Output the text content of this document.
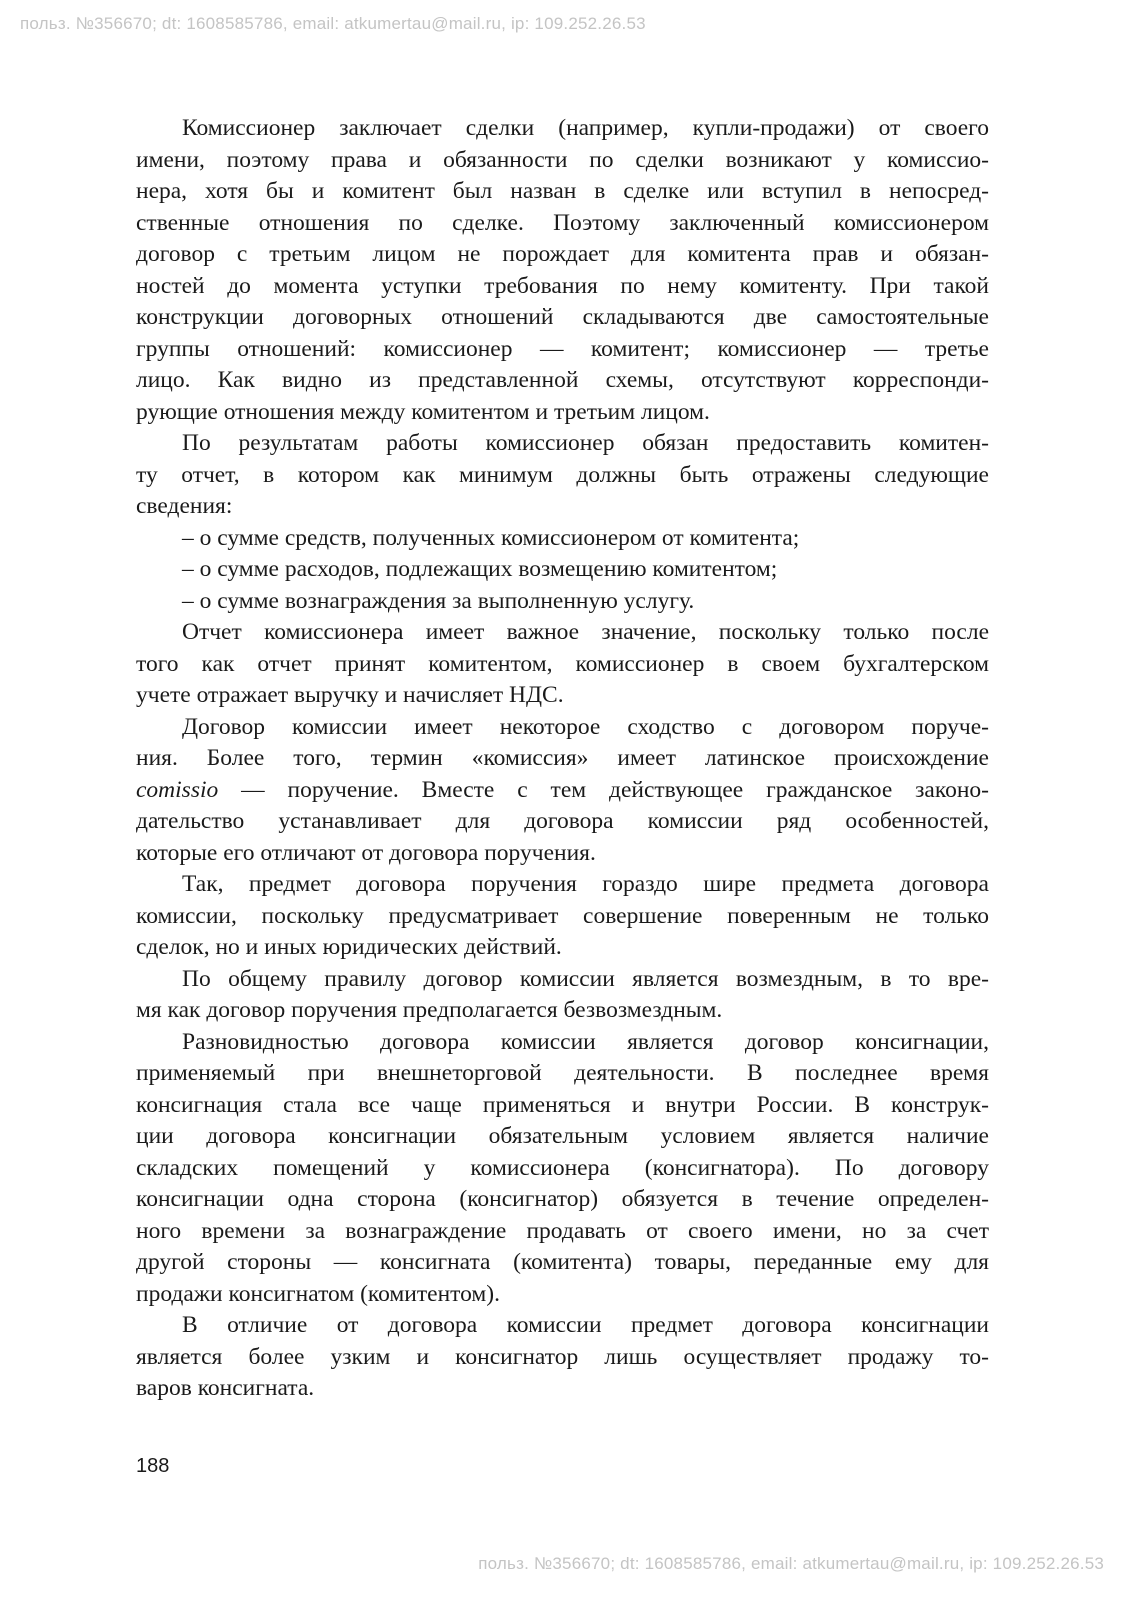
польз. №356670; dt: 1608585786, email: atkumertau@mail.ru, ip: 109.252.26.53
Комиссионер заключает сделки (например, купли-продажи) от своего
имени, поэтому права и обязанности по сделки возникают у комиссио-
нера, хотя бы и комитент был назван в сделке или вступил в непосред-
ственные отношения по сделке. Поэтому заключенный комиссионером
договор с третьим лицом не порождает для комитента прав и обязан-
ностей до момента уступки требования по нему комитенту. При такой
конструкции договорных отношений складываются две самостоятельные
группы отношений: комиссионер — комитент; комиссионер — третье
лицо. Как видно из представленной схемы, отсутствуют корреспонди-
рующие отношения между комитентом и третьим лицом.
По результатам работы комиссионер обязан предоставить комитен-
ту отчет, в котором как минимум должны быть отражены следующие
сведения:
– о сумме средств, полученных комиссионером от комитента;
– о сумме расходов, подлежащих возмещению комитентом;
– о сумме вознаграждения за выполненную услугу.
Отчет комиссионера имеет важное значение, поскольку только после
того как отчет принят комитентом, комиссионер в своем бухгалтерском
учете отражает выручку и начисляет НДС.
Договор комиссии имеет некоторое сходство с договором поруче-
ния. Более того, термин «комиссия» имеет латинское происхождение
comissio — поручение. Вместе с тем действующее гражданское законо-
дательство устанавливает для договора комиссии ряд особенностей,
которые его отличают от договора поручения.
Так, предмет договора поручения гораздо шире предмета договора
комиссии, поскольку предусматривает совершение поверенным не только
сделок, но и иных юридических действий.
По общему правилу договор комиссии является возмездным, в то вре-
мя как договор поручения предполагается безвозмездным.
Разновидностью договора комиссии является договор консигнации,
применяемый при внешнеторговой деятельности. В последнее время
консигнация стала все чаще применяться и внутри России. В конструк-
ции договора консигнации обязательным условием является наличие
складских помещений у комиссионера (консигнатора). По договору
консигнации одна сторона (консигнатор) обязуется в течение определен-
ного времени за вознаграждение продавать от своего имени, но за счет
другой стороны — консигната (комитента) товары, переданные ему для
продажи консигнатом (комитентом).
В отличие от договора комиссии предмет договора консигнации
является более узким и консигнатор лишь осуществляет продажу то-
варов консигната.
188
польз. №356670; dt: 1608585786, email: atkumertau@mail.ru, ip: 109.252.26.53
